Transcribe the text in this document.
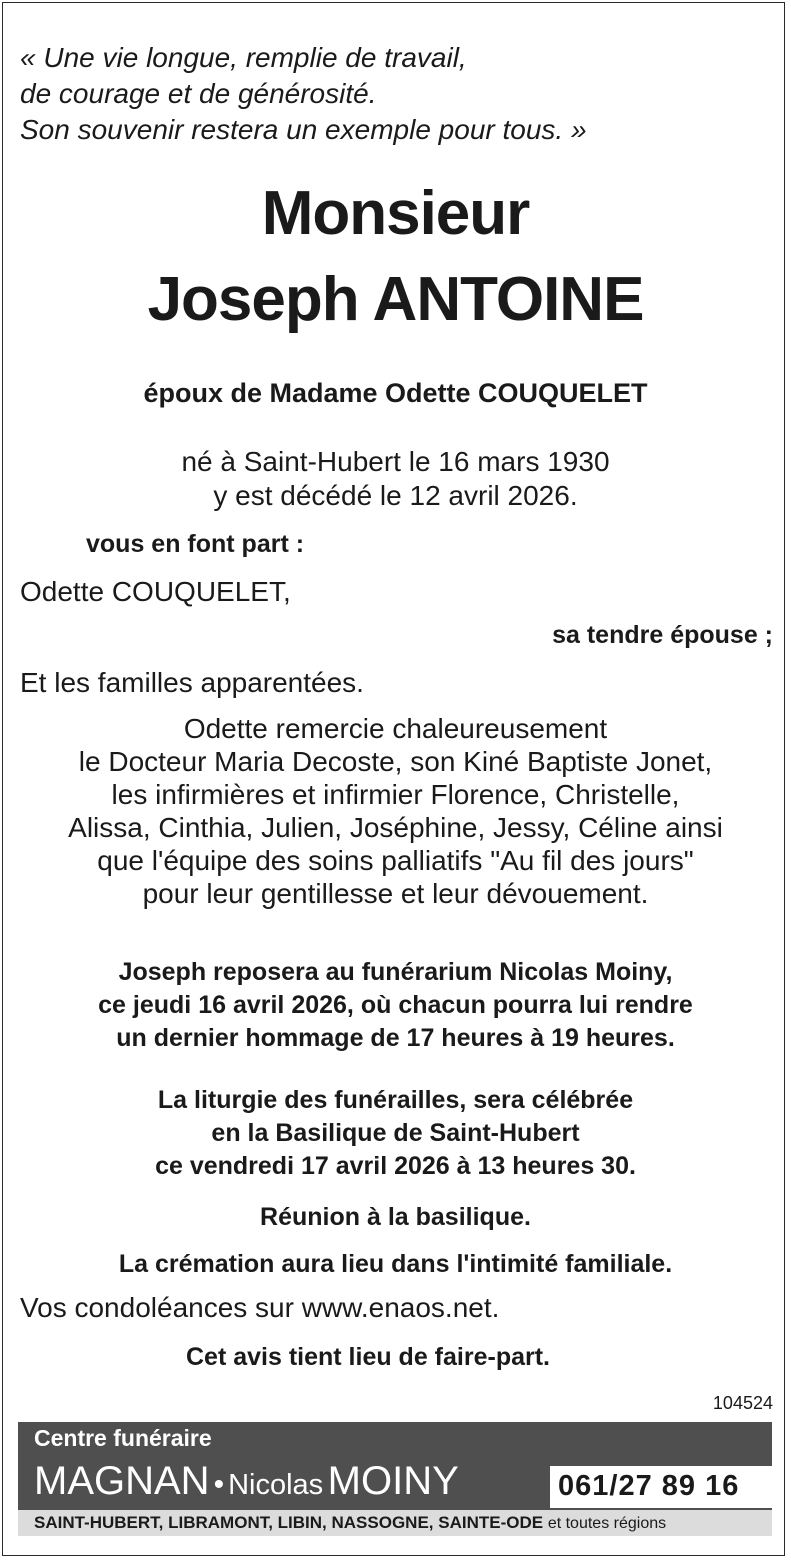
« Une vie longue, remplie de travail,
de courage et de générosité.
Son souvenir restera un exemple pour tous. »
Monsieur
Joseph ANTOINE
époux de Madame Odette COUQUELET
né à Saint-Hubert le 16 mars 1930
y est décédé le 12 avril 2026.
vous en font part :
Odette COUQUELET,
sa tendre épouse ;
Et les familles apparentées.
Odette remercie chaleureusement
le Docteur Maria Decoste, son Kiné Baptiste Jonet,
les infirmières et infirmier Florence, Christelle,
Alissa, Cinthia, Julien, Joséphine, Jessy, Céline ainsi
que l'équipe des soins palliatifs "Au fil des jours"
pour leur gentillesse et leur dévouement.
Joseph reposera au funérarium Nicolas Moiny,
ce jeudi 16 avril 2026, où chacun pourra lui rendre
un dernier hommage de 17 heures à 19 heures.
La liturgie des funérailles, sera célébrée
en la Basilique de Saint-Hubert
ce vendredi 17 avril 2026 à 13 heures 30.
Réunion à la basilique.
La crémation aura lieu dans l'intimité familiale.
Vos condoléances sur www.enaos.net.
Cet avis tient lieu de faire-part.
104524
Centre funéraire
MAGNAN • Nicolas MOINY	061/27 89 16
SAINT-HUBERT, LIBRAMONT, LIBIN, NASSOGNE, SAINTE-ODE et toutes régions
